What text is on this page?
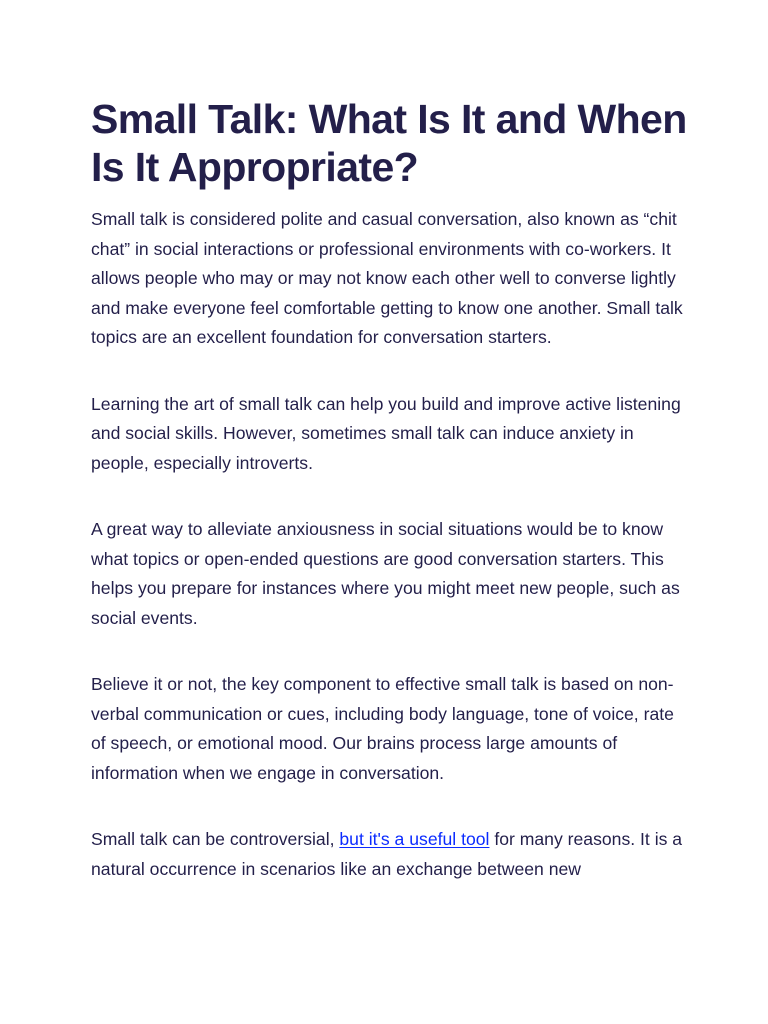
Small Talk: What Is It and When Is It Appropriate?

Small talk is considered polite and casual conversation, also known as “chit chat” in social interactions or professional environments with co-workers. It allows people who may or may not know each other well to converse lightly and make everyone feel comfortable getting to know one another. Small talk topics are an excellent foundation for conversation starters.

Learning the art of small talk can help you build and improve active listening and social skills. However, sometimes small talk can induce anxiety in people, especially introverts.

A great way to alleviate anxiousness in social situations would be to know what topics or open-ended questions are good conversation starters. This helps you prepare for instances where you might meet new people, such as social events.

Believe it or not, the key component to effective small talk is based on non-verbal communication or cues, including body language, tone of voice, rate of speech, or emotional mood. Our brains process large amounts of information when we engage in conversation.

Small talk can be controversial, but it's a useful tool for many reasons. It is a natural occurrence in scenarios like an exchange between new
